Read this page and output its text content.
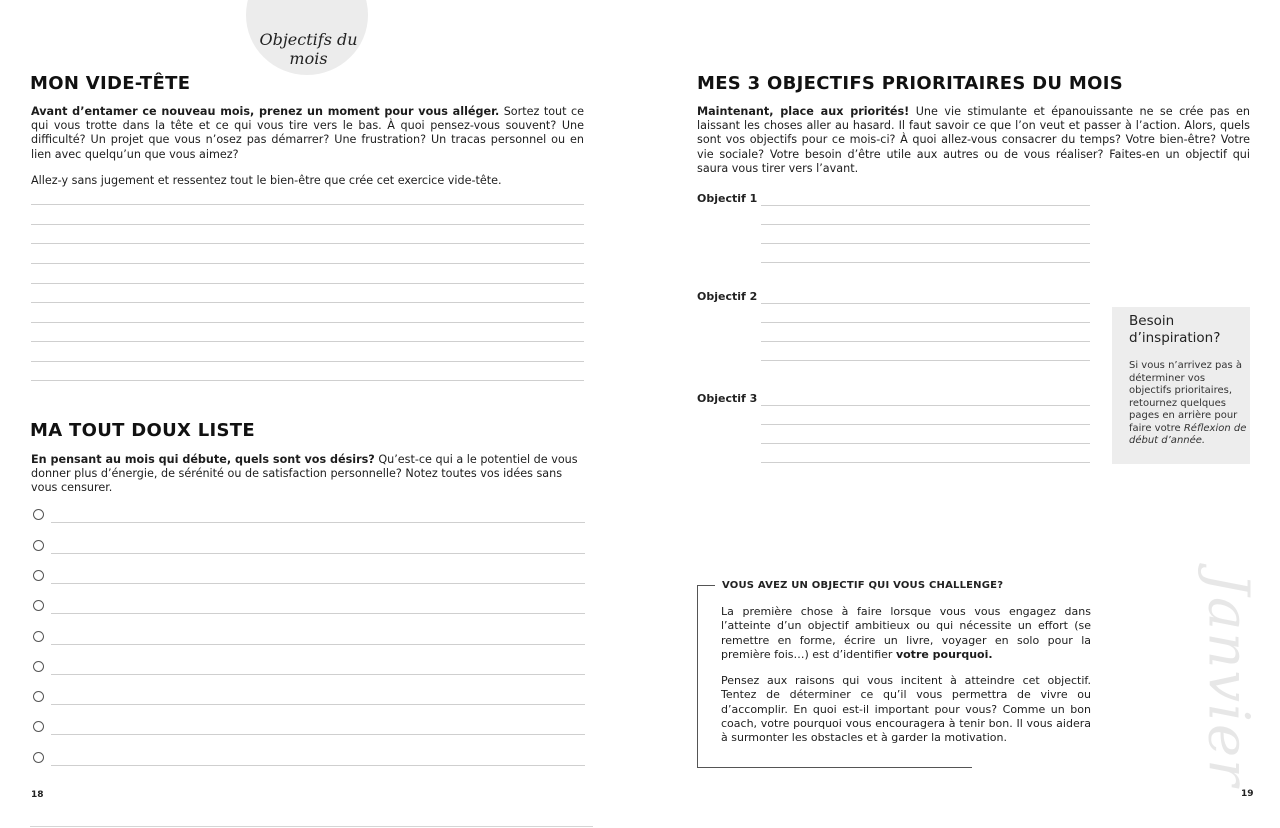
Objectifs du mois
MON VIDE-TÊTE

Avant d’entamer ce nouveau mois, prenez un moment pour vous alléger. Sortez tout ce qui vous trotte dans la tête et ce qui vous tire vers le bas. À quoi pensez-vous souvent? Une difficulté? Un projet que vous n’osez pas démarrer? Une frustration? Un tracas personnel ou en lien avec quelqu’un que vous aimez?

Allez-y sans jugement et ressentez tout le bien-être que crée cet exercice vide-tête.

MA TOUT DOUX LISTE

En pensant au mois qui débute, quels sont vos désirs? Qu’est-ce qui a le potentiel de vous donner plus d’énergie, de sérénité ou de satisfaction personnelle? Notez toutes vos idées sans vous censurer.

18
MES 3 OBJECTIFS PRIORITAIRES DU MOIS

Maintenant, place aux priorités! Une vie stimulante et épanouissante ne se crée pas en laissant les choses aller au hasard. Il faut savoir ce que l’on veut et passer à l’action. Alors, quels sont vos objectifs pour ce mois-ci? À quoi allez-vous consacrer du temps? Votre bien-être? Votre vie sociale? Votre besoin d’être utile aux autres ou de vous réaliser? Faites-en un objectif qui saura vous tirer vers l’avant.

Objectif 1
Objectif 2
Objectif 3
Besoin d’inspiration?
Si vous n’arrivez pas à déterminer vos objectifs prioritaires, retournez quelques pages en arrière pour faire votre Réflexion de début d’année.
VOUS AVEZ UN OBJECTIF QUI VOUS CHALLENGE?

La première chose à faire lorsque vous vous engagez dans l’atteinte d’un objectif ambitieux ou qui nécessite un effort (se remettre en forme, écrire un livre, voyager en solo pour la première fois…) est d’identifier votre pourquoi.

Pensez aux raisons qui vous incitent à atteindre cet objectif. Tentez de déterminer ce qu’il vous permettra de vivre ou d’accomplir. En quoi est-il important pour vous? Comme un bon coach, votre pourquoi vous encouragera à tenir bon. Il vous aidera à surmonter les obstacles et à garder la motivation.	Janvier
19
